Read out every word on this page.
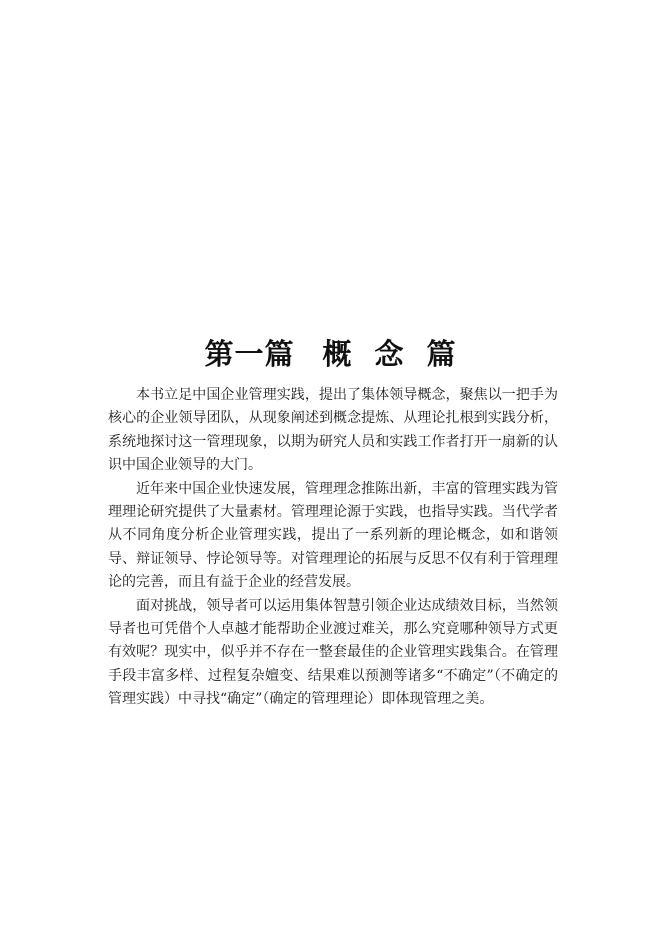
第一篇 概 念 篇

本书立足中国企业管理实践，提出了集体领导概念，聚焦以一把手为核心的企业领导团队，从现象阐述到概念提炼、从理论扎根到实践分析，系统地探讨这一管理现象，以期为研究人员和实践工作者打开一扇新的认识中国企业领导的大门。

近年来中国企业快速发展，管理理念推陈出新，丰富的管理实践为管理理论研究提供了大量素材。管理理论源于实践，也指导实践。当代学者从不同角度分析企业管理实践，提出了一系列新的理论概念，如和谐领导、辩证领导、悖论领导等。对管理理论的拓展与反思不仅有利于管理理论的完善，而且有益于企业的经营发展。

面对挑战，领导者可以运用集体智慧引领企业达成绩效目标，当然领导者也可凭借个人卓越才能帮助企业渡过难关，那么究竟哪种领导方式更有效呢？现实中，似乎并不存在一整套最佳的企业管理实践集合。在管理手段丰富多样、过程复杂嬗变、结果难以预测等诸多“不确定”（不确定的管理实践）中寻找“确定”（确定的管理理论）即体现管理之美。
